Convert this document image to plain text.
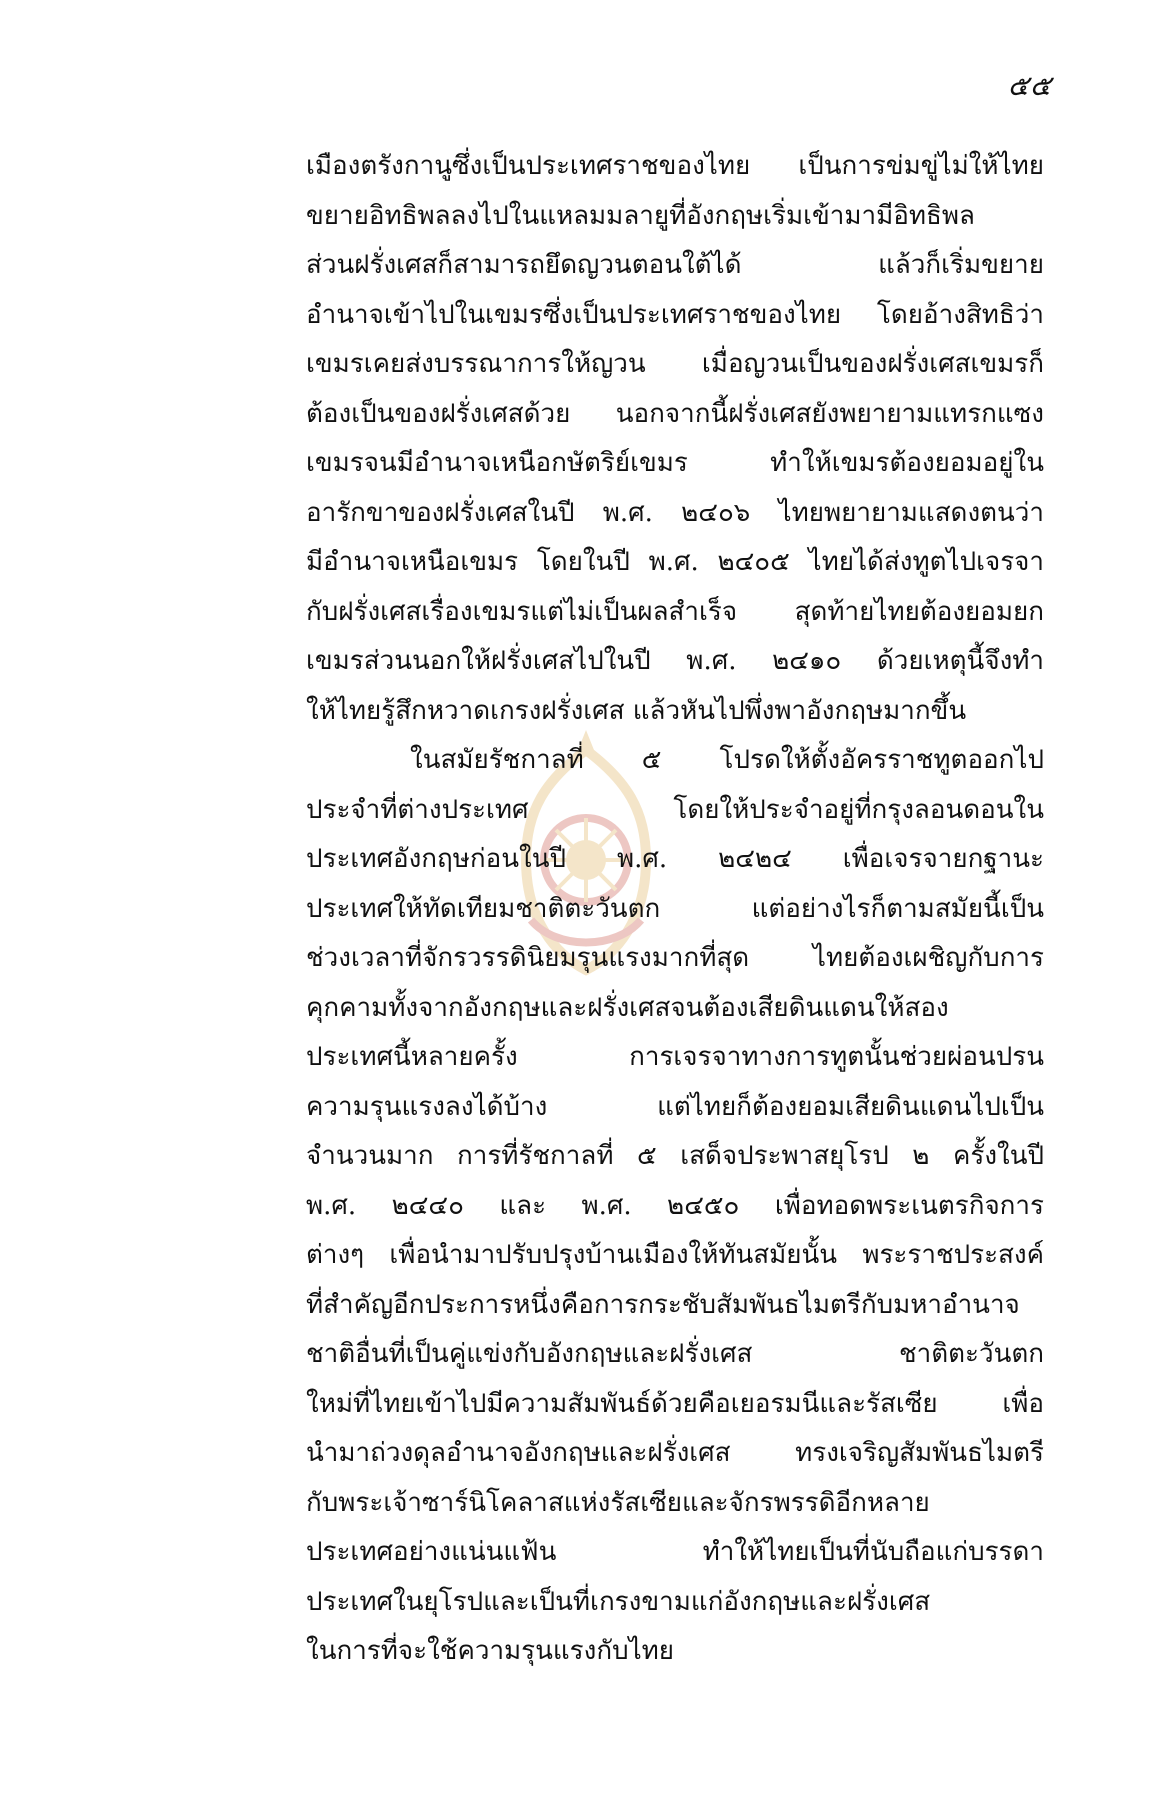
๕๕
เมืองตรังกานูซึ่งเป็นประเทศราชของไทย เป็นการข่มขู่ไม่ให้ไทย
ขยายอิทธิพลลงไปในแหลมมลายูที่อังกฤษเริ่มเข้ามามีอิทธิพล
ส่วนฝรั่งเศสก็สามารถยึดญวนตอนใต้ได้ แล้วก็เริ่มขยาย
อำนาจเข้าไปในเขมรซึ่งเป็นประเทศราชของไทย โดยอ้างสิทธิว่า
เขมรเคยส่งบรรณาการให้ญวน เมื่อญวนเป็นของฝรั่งเศสเขมรก็
ต้องเป็นของฝรั่งเศสด้วย นอกจากนี้ฝรั่งเศสยังพยายามแทรกแซง
เขมรจนมีอำนาจเหนือกษัตริย์เขมร ทำให้เขมรต้องยอมอยู่ใน
อารักขาของฝรั่งเศสในปี พ.ศ. ๒๔๐๖ ไทยพยายามแสดงตนว่า
มีอำนาจเหนือเขมร โดยในปี พ.ศ. ๒๔๐๕ ไทยได้ส่งทูตไปเจรจา
กับฝรั่งเศสเรื่องเขมรแต่ไม่เป็นผลสำเร็จ สุดท้ายไทยต้องยอมยก
เขมรส่วนนอกให้ฝรั่งเศสไปในปี พ.ศ. ๒๔๑๐ ด้วยเหตุนี้จึงทำ
ให้ไทยรู้สึกหวาดเกรงฝรั่งเศส แล้วหันไปพึ่งพาอังกฤษมากขึ้น
ในสมัยรัชกาลที่ ๕ โปรดให้ตั้งอัครราชทูตออกไป
ประจำที่ต่างประเทศ โดยให้ประจำอยู่ที่กรุงลอนดอนใน
ประเทศอังกฤษก่อนในปี พ.ศ. ๒๔๒๔ เพื่อเจรจายกฐานะ
ประเทศให้ทัดเทียมชาติตะวันตก แต่อย่างไรก็ตามสมัยนี้เป็น
ช่วงเวลาที่จักรวรรดินิยมรุนแรงมากที่สุด ไทยต้องเผชิญกับการ
คุกคามทั้งจากอังกฤษและฝรั่งเศสจนต้องเสียดินแดนให้สอง
ประเทศนี้หลายครั้ง การเจรจาทางการทูตนั้นช่วยผ่อนปรน
ความรุนแรงลงได้บ้าง แต่ไทยก็ต้องยอมเสียดินแดนไปเป็น
จำนวนมาก การที่รัชกาลที่ ๕ เสด็จประพาสยุโรป ๒ ครั้งในปี
พ.ศ. ๒๔๔๐ และ พ.ศ. ๒๔๕๐ เพื่อทอดพระเนตรกิจการ
ต่างๆ เพื่อนำมาปรับปรุงบ้านเมืองให้ทันสมัยนั้น พระราชประสงค์
ที่สำคัญอีกประการหนึ่งคือการกระชับสัมพันธไมตรีกับมหาอำนาจ
ชาติอื่นที่เป็นคู่แข่งกับอังกฤษและฝรั่งเศส ชาติตะวันตก
ใหม่ที่ไทยเข้าไปมีความสัมพันธ์ด้วยคือเยอรมนีและรัสเซีย เพื่อ
นำมาถ่วงดุลอำนาจอังกฤษและฝรั่งเศส ทรงเจริญสัมพันธไมตรี
กับพระเจ้าซาร์นิโคลาสแห่งรัสเซียและจักรพรรดิอีกหลาย
ประเทศอย่างแน่นแฟ้น ทำให้ไทยเป็นที่นับถือแก่บรรดา
ประเทศในยุโรปและเป็นที่เกรงขามแก่อังกฤษและฝรั่งเศส
ในการที่จะใช้ความรุนแรงกับไทย
